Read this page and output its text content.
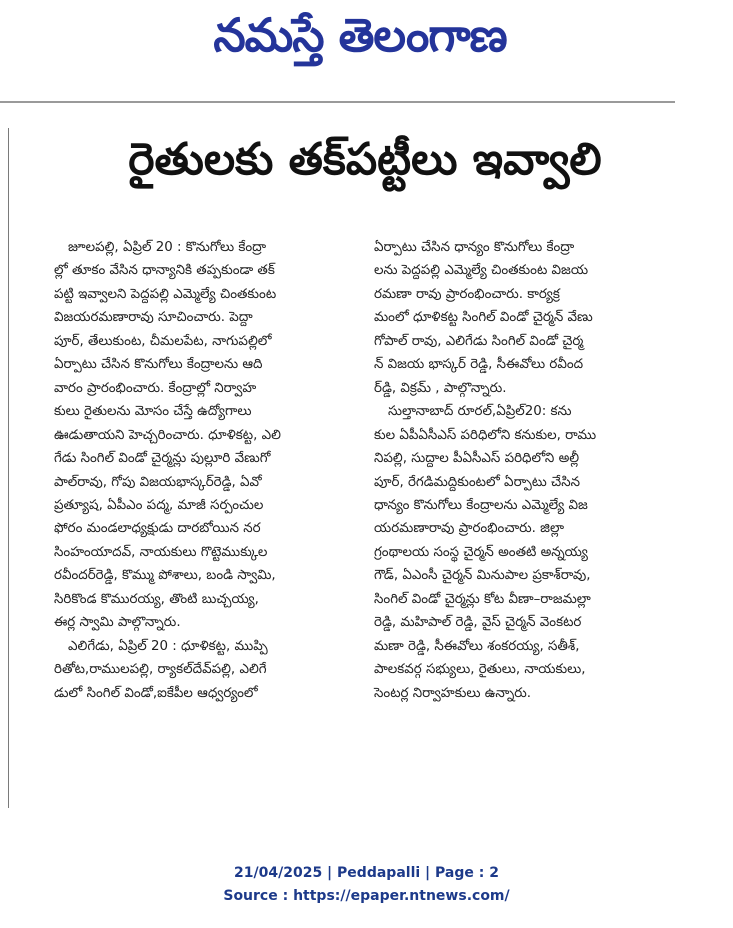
నమస్తే తెలంగాణ
రైతులకు తక్‌పట్టీలు ఇవ్వాలి

జూలపల్లి, ఏప్రిల్ 20 : కొనుగోలు కేంద్రా
ల్లో తూకం వేసిన ధాన్యానికి తప్పకుండా తక్
పట్టి ఇవ్వాలని పెద్దపల్లి ఎమ్మెల్యే చింతకుంట
విజయరమణారావు సూచించారు. పెద్దా
పూర్, తేలుకుంట, చీమలపేట, నాగుపల్లిలో
ఏర్పాటు చేసిన కొనుగోలు కేంద్రాలను ఆది
వారం ప్రారంభించారు. కేంద్రాల్లో నిర్వాహ
కులు రైతులను మోసం చేస్తే ఉద్యోగాలు
ఊడుతాయని హెచ్చరించారు. ధూళికట్ట, ఎలి
గేడు సింగిల్ విండో చైర్మన్లు పుల్లూరి వేణుగో
పాల్‌రావు, గోపు విజయభాస్కర్‌రెడ్డి, ఏవో
ప్రత్యూష, ఏపీఎం పద్మ, మాజీ సర్పంచుల
ఫోరం మండలాధ్యక్షుడు దారబోయిన నర
సింహంయాదవ్, నాయకులు గొట్టెముక్కుల
రవీందర్‌రెడ్డి, కొమ్ము పోశాలు, బండి స్వామి,
సిరికొండ కొమురయ్య, తొంటి బుచ్చయ్య,
ఈర్ల స్వామి పాల్గొన్నారు.

ఎలిగేడు, ఏప్రిల్ 20 : ధూళికట్ట, ముప్పి
రితోట,రాములపల్లి, ర్యాకల్‌దేవ్‌పల్లి, ఎలిగే
డులో సింగిల్ విండో,ఐకేపీల ఆధ్వర్యంలో

ఏర్పాటు చేసిన ధాన్యం కొనుగోలు కేంద్రా
లను పెద్దపల్లి ఎమ్మెల్యే చింతకుంట విజయ
రమణా రావు ప్రారంభించారు. కార్యక్ర
మంలో ధూళికట్ట సింగిల్ విండో చైర్మన్ వేణు
గోపాల్ రావు, ఎలిగేడు సింగిల్ విండో చైర్మ
న్ విజయ భాస్కర్ రెడ్డి, సీఈవోలు రవీంద
ర్‌డ్డి, విక్రమ్ , పాల్గొన్నారు.

సుల్తానాబాద్ రూరల్,ఏప్రిల్20: కను
కుల ఏపీఏసీఎస్ పరిధిలోని కనుకుల, రాము
నిపల్లి, సుద్దాల పీఏసీఎస్ పరిధిలోని అల్లీ
పూర్, రేగడిమద్దికుంటలో ఏర్పాటు చేసిన
ధాన్యం కొనుగోలు కేంద్రాలను ఎమ్మెల్యే విజ
యరమణారావు ప్రారంభించారు. జిల్లా
గ్రంథాలయ సంస్థ చైర్మన్ అంతటి అన్నయ్య
గౌడ్, ఏఎంసీ చైర్మన్ మినుపాల ప్రకాశ్‌రావు,
సింగిల్ విండో చైర్మన్లు కోట వీణా–రాజమల్లా
రెడ్డి, మహిపాల్ రెడ్డి, వైస్ చైర్మన్ వెంకటర
మణా రెడ్డి, సీఈవోలు శంకరయ్య, సతీశ్,
పాలకవర్గ సభ్యులు, రైతులు, నాయకులు,
సెంటర్ల నిర్వాహకులు ఉన్నారు.

21/04/2025 | Peddapalli | Page : 2
Source : https://epaper.ntnews.com/
